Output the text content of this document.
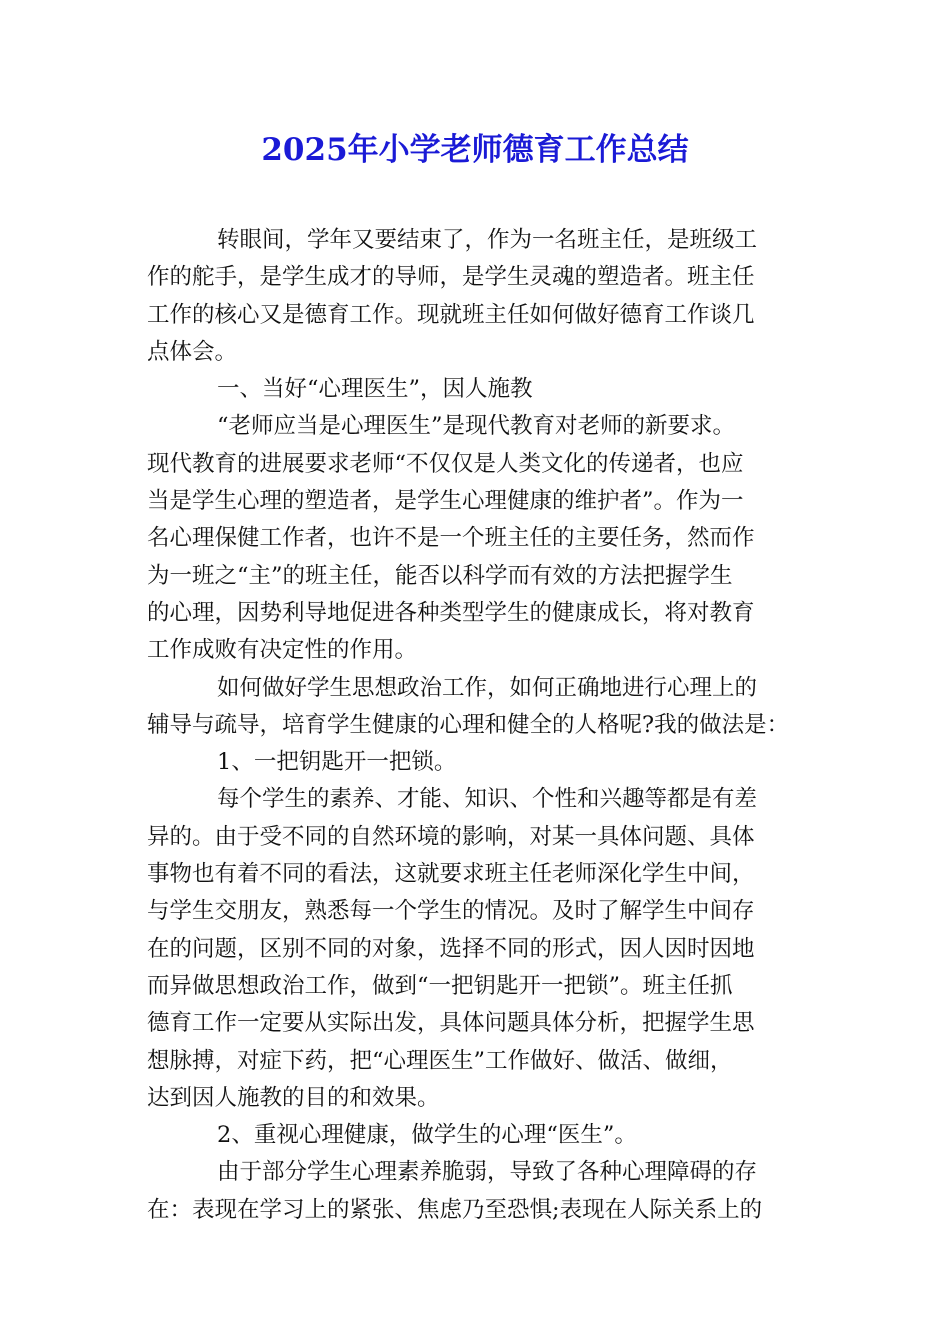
2025年小学老师德育工作总结
转眼间，学年又要结束了，作为一名班主任，是班级工
作的舵手，是学生成才的导师，是学生灵魂的塑造者。班主任
工作的核心又是德育工作。现就班主任如何做好德育工作谈几
点体会。
一、当好“心理医生”，因人施教
“老师应当是心理医生”是现代教育对老师的新要求。
现代教育的进展要求老师“不仅仅是人类文化的传递者，也应
当是学生心理的塑造者，是学生心理健康的维护者”。作为一
名心理保健工作者，也许不是一个班主任的主要任务，然而作
为一班之“主”的班主任，能否以科学而有效的方法把握学生
的心理，因势利导地促进各种类型学生的健康成长，将对教育
工作成败有决定性的作用。
如何做好学生思想政治工作，如何正确地进行心理上的
辅导与疏导，培育学生健康的心理和健全的人格呢?我的做法是：
1、一把钥匙开一把锁。
每个学生的素养、才能、知识、个性和兴趣等都是有差
异的。由于受不同的自然环境的影响，对某一具体问题、具体
事物也有着不同的看法，这就要求班主任老师深化学生中间，
与学生交朋友，熟悉每一个学生的情况。及时了解学生中间存
在的问题，区别不同的对象，选择不同的形式，因人因时因地
而异做思想政治工作，做到“一把钥匙开一把锁”。班主任抓
德育工作一定要从实际出发，具体问题具体分析，把握学生思
想脉搏，对症下药，把“心理医生”工作做好、做活、做细，
达到因人施教的目的和效果。
2、重视心理健康，做学生的心理“医生”。
由于部分学生心理素养脆弱，导致了各种心理障碍的存
在：表现在学习上的紧张、焦虑乃至恐惧;表现在人际关系上的
